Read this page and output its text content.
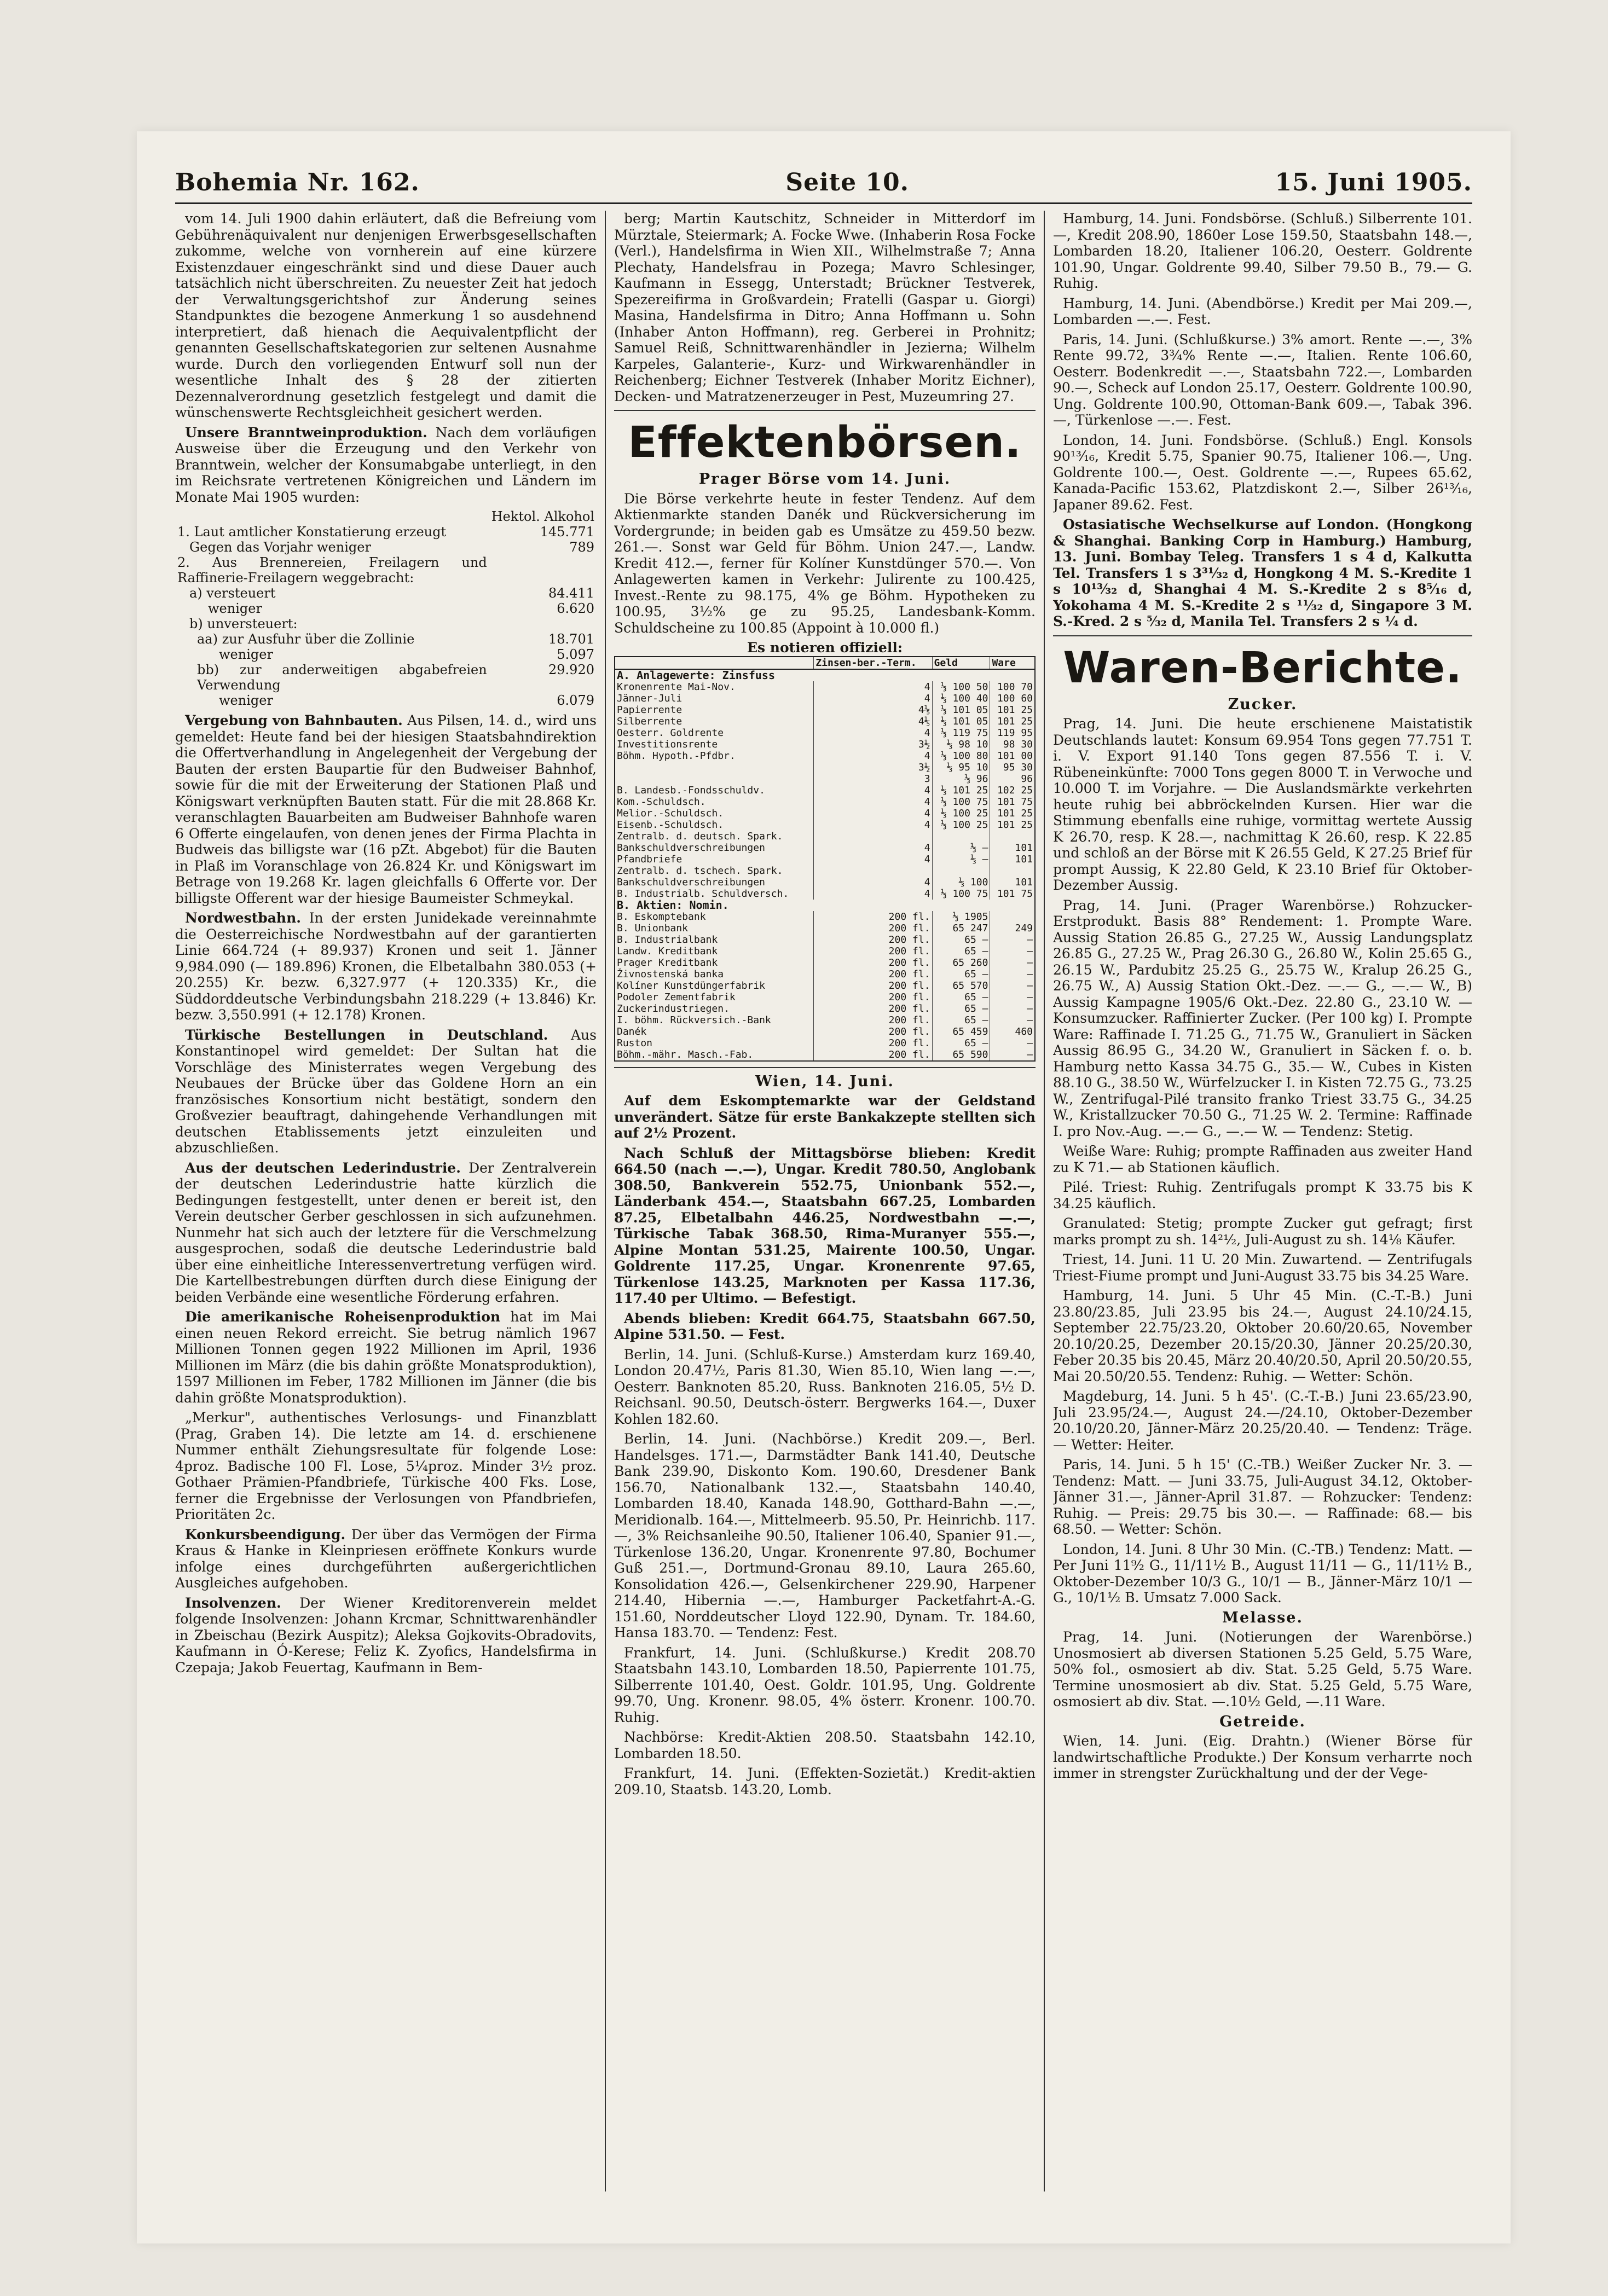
Bohemia Nr. 162.	Seite 10.	15. Juni 1905.

vom 14. Juli 1900 dahin erläutert, daß die Befreiung vom Gebührenäquivalent nur denjenigen Erwerbsgesellschaften zukomme, welche von vornherein auf eine kürzere Existenzdauer eingeschränkt sind und diese Dauer auch tatsächlich nicht überschreiten. Zu neuester Zeit hat jedoch der Verwaltungsgerichtshof zur Änderung seines Standpunktes die bezogene Anmerkung 1 so ausdehnend interpretiert, daß hienach die Aequivalentpflicht der genannten Gesellschaftskategorien zur seltenen Ausnahme wurde. Durch den vorliegenden Entwurf soll nun der wesentliche Inhalt des § 28 der zitierten Dezennalverordnung gesetzlich festgelegt und damit die wünschenswerte Rechtsgleichheit gesichert werden.

Unsere Branntweinproduktion. Nach dem vorläufigen Ausweise über die Erzeugung und den Verkehr von Branntwein, welcher der Konsumabgabe unterliegt, in den im Reichsrate vertretenen Königreichen und Ländern im Monate Mai 1905 wurden:

	Hektol. Alkohol
1. Laut amtlicher Konstatierung erzeugt	145.771
Gegen das Vorjahr weniger	789
2. Aus Brennereien, Freilagern und Raffinerie-Freilagern weggebracht:	
a) versteuert	84.411
weniger	6.620
b) unversteuert:	
aa) zur Ausfuhr über die Zollinie	18.701
weniger	5.097
bb) zur anderweitigen abgabefreien Verwendung	29.920
weniger	6.079

Vergebung von Bahnbauten. Aus Pilsen, 14. d., wird uns gemeldet: Heute fand bei der hiesigen Staatsbahndirektion die Offertverhandlung in Angelegenheit der Vergebung der Bauten der ersten Baupartie für den Budweiser Bahnhof, sowie für die mit der Erweiterung der Stationen Plaß und Königswart verknüpften Bauten statt. Für die mit 28.868 Kr. veranschlagten Bauarbeiten am Budweiser Bahnhofe waren 6 Offerte eingelaufen, von denen jenes der Firma Plachta in Budweis das billigste war (16 pZt. Abgebot) für die Bauten in Plaß im Voranschlage von 26.824 Kr. und Königswart im Betrage von 19.268 Kr. lagen gleichfalls 6 Offerte vor. Der billigste Offerent war der hiesige Baumeister Schmeykal.

Nordwestbahn. In der ersten Junidekade vereinnahmte die Oesterreichische Nordwestbahn auf der garantierten Linie 664.724 (+ 89.937) Kronen und seit 1. Jänner 9,984.090 (— 189.896) Kronen, die Elbetalbahn 380.053 (+ 20.255) Kr. bezw. 6,327.977 (+ 120.335) Kr., die Süddorddeutsche Verbindungsbahn 218.229 (+ 13.846) Kr. bezw. 3,550.991 (+ 12.178) Kronen.

Türkische Bestellungen in Deutschland. Aus Konstantinopel wird gemeldet: Der Sultan hat die Vorschläge des Ministerrates wegen Vergebung des Neubaues der Brücke über das Goldene Horn an ein französisches Konsortium nicht bestätigt, sondern den Großvezier beauftragt, dahingehende Verhandlungen mit deutschen Etablissements jetzt einzuleiten und abzuschließen.

Aus der deutschen Lederindustrie. Der Zentralverein der deutschen Lederindustrie hatte kürzlich die Bedingungen festgestellt, unter denen er bereit ist, den Verein deutscher Gerber geschlossen in sich aufzunehmen. Nunmehr hat sich auch der letztere für die Verschmelzung ausgesprochen, sodaß die deutsche Lederindustrie bald über eine einheitliche Interessenvertretung verfügen wird. Die Kartellbestrebungen dürften durch diese Einigung der beiden Verbände eine wesentliche Förderung erfahren.

Die amerikanische Roheisenproduktion hat im Mai einen neuen Rekord erreicht. Sie betrug nämlich 1967 Millionen Tonnen gegen 1922 Millionen im April, 1936 Millionen im März (die bis dahin größte Monatsproduktion), 1597 Millionen im Feber, 1782 Millionen im Jänner (die bis dahin größte Monatsproduktion).

„Merkur", authentisches Verlosungs- und Finanzblatt (Prag, Graben 14). Die letzte am 14. d. erschienene Nummer enthält Ziehungsresultate für folgende Lose: 4proz. Badische 100 Fl. Lose, 5¼proz. Minder 3½ proz. Gothaer Prämien-Pfandbriefe, Türkische 400 Fks. Lose, ferner die Ergebnisse der Verlosungen von Pfandbriefen, Prioritäten 2c.

Konkursbeendigung. Der über das Vermögen der Firma Kraus & Hanke in Kleinpriesen eröffnete Konkurs wurde infolge eines durchgeführten außergerichtlichen Ausgleiches aufgehoben.

Insolvenzen. Der Wiener Kreditorenverein meldet folgende Insolvenzen: Johann Krcmar, Schnittwarenhändler in Zbeischau (Bezirk Auspitz); Aleksa Gojkovits-Obradovits, Kaufmann in Ó-Kerese; Feliz K. Zyofics, Handelsfirma in Czepaja; Jakob Feuertag, Kaufmann in Bem-

berg; Martin Kautschitz, Schneider in Mitterdorf im Mürztale, Steiermark; A. Focke Wwe. (Inhaberin Rosa Focke (Verl.), Handelsfirma in Wien XII., Wilhelmstraße 7; Anna Plechaty, Handelsfrau in Pozega; Mavro Schlesinger, Kaufmann in Essegg, Unterstadt; Brückner Testverek, Spezereifirma in Großvardein; Fratelli (Gaspar u. Giorgi) Masina, Handelsfirma in Ditro; Anna Hoffmann u. Sohn (Inhaber Anton Hoffmann), reg. Gerberei in Prohnitz; Samuel Reiß, Schnittwarenhändler in Jezierna; Wilhelm Karpeles, Galanterie-, Kurz- und Wirkwarenhändler in Reichenberg; Eichner Testverek (Inhaber Moritz Eichner), Decken- und Matratzenerzeuger in Pest, Muzeumring 27.

Effektenbörsen.
Prager Börse vom 14. Juni.

Die Börse verkehrte heute in fester Tendenz. Auf dem Aktienmarkte standen Danék und Rückversicherung im Vordergrunde; in beiden gab es Umsätze zu 459.50 bezw. 261.—. Sonst war Geld für Böhm. Union 247.—, Landw. Kredit 412.—, ferner für Kolíner Kunstdünger 570.—. Von Anlagewerten kamen in Verkehr: Julirente zu 100.425, Invest.-Rente zu 98.175, 4% ge Böhm. Hypotheken zu 100.95, 3½% ge zu 95.25, Landesbank-Komm. Schuldscheine zu 100.85 (Appoint à 10.000 fl.)

Es notieren offiziell:
	Zinsen-ber.-Term.	Geld	Ware
A. Anlagewerte: Zinsfuss			
Kronenrente Mai-Nov.	4	⅓ 100 50	100 70
Jänner-Juli	4	⅓ 100 40	100 60
Papierrente	4⅕	⅓ 101 05	101 25
Silberrente	4⅕	⅓ 101 05	101 25
Oesterr. Goldrente	4	⅓ 119 75	119 95
Investitionsrente	3½	⅓ 98 10	98 30
Böhm. Hypoth.-Pfdbr.	4	⅓ 100 80	101 00
	3½	⅓ 95 10	95 30
	3	⅓ 96	96
B. Landesb.-Fondsschuldv.	4	⅓ 101 25	102 25
Kom.-Schuldsch.	4	⅓ 100 75	101 75
Melior.-Schuldsch.	4	⅓ 100 25	101 25
Eisenb.-Schuldsch.	4	⅓ 100 25	101 25
Zentralb. d. deutsch. Spark.			
Bankschuldverschreibungen	4	⅓ —	101
Pfandbriefe	4	⅓ —	101
Zentralb. d. tschech. Spark.			
Bankschuldverschreibungen	4	⅓ 100	101
B. Industrialb. Schuldversch.	4	⅓ 100 75	101 75
B. Aktien: Nomin.			
B. Eskomptebank	200 fl.	⅓ 1905	
B. Unionbank	200 fl.	65 247	249
B. Industrialbank	200 fl.	65 —	—
Landw. Kreditbank	200 fl.	65 —	—
Prager Kreditbank	200 fl.	65 260	—
Živnostenská banka	200 fl.	65 —	—
Kolíner Kunstdüngerfabrik	200 fl.	65 570	—
Podoler Zementfabrik	200 fl.	65 —	—
Zuckerindustriegen.	200 fl.	65 —	—
I. böhm. Rückversich.-Bank	200 fl.	65 —	—
Danék	200 fl.	65 459	460
Ruston	200 fl.	65 —	—
Böhm.-mähr. Masch.-Fab.	200 fl.	65 590	—
Wien, 14. Juni.

Auf dem Eskomptemarkte war der Geldstand unverändert. Sätze für erste Bankakzepte stellten sich auf 2½ Prozent.

Nach Schluß der Mittagsbörse blieben: Kredit 664.50 (nach —.—), Ungar. Kredit 780.50, Anglobank 308.50, Bankverein 552.75, Unionbank 552.—, Länderbank 454.—, Staatsbahn 667.25, Lombarden 87.25, Elbetalbahn 446.25, Nordwestbahn —.—, Türkische Tabak 368.50, Rima-Muranyer 555.—, Alpine Montan 531.25, Mairente 100.50, Ungar. Goldrente 117.25, Ungar. Kronenrente 97.65, Türkenlose 143.25, Marknoten per Kassa 117.36, 117.40 per Ultimo. — Befestigt.

Abends blieben: Kredit 664.75, Staatsbahn 667.50, Alpine 531.50. — Fest.

Berlin, 14. Juni. (Schluß-Kurse.) Amsterdam kurz 169.40, London 20.47½, Paris 81.30, Wien 85.10, Wien lang —.—, Oesterr. Banknoten 85.20, Russ. Banknoten 216.05, 5½ D. Reichsanl. 90.50, Deutsch-österr. Bergwerks 164.—, Duxer Kohlen 182.60.

Berlin, 14. Juni. (Nachbörse.) Kredit 209.—, Berl. Handelsges. 171.—, Darmstädter Bank 141.40, Deutsche Bank 239.90, Diskonto Kom. 190.60, Dresdener Bank 156.70, Nationalbank 132.—, Staatsbahn 140.40, Lombarden 18.40, Kanada 148.90, Gotthard-Bahn —.—, Meridionalb. 164.—, Mittelmeerb. 95.50, Pr. Heinrichb. 117.—, 3% Reichsanleihe 90.50, Italiener 106.40, Spanier 91.—, Türkenlose 136.20, Ungar. Kronenrente 97.80, Bochumer Guß 251.—, Dortmund-Gronau 89.10, Laura 265.60, Konsolidation 426.—, Gelsenkirchener 229.90, Harpener 214.40, Hibernia —.—, Hamburger Packetfahrt-A.-G. 151.60, Norddeutscher Lloyd 122.90, Dynam. Tr. 184.60, Hansa 183.70. — Tendenz: Fest.

Frankfurt, 14. Juni. (Schlußkurse.) Kredit 208.70 Staatsbahn 143.10, Lombarden 18.50, Papierrente 101.75, Silberrente 101.40, Oest. Goldr. 101.95, Ung. Goldrente 99.70, Ung. Kronenr. 98.05, 4% österr. Kronenr. 100.70. Ruhig.

Nachbörse: Kredit-Aktien 208.50. Staatsbahn 142.10, Lombarden 18.50.

Frankfurt, 14. Juni. (Effekten-Sozietät.) Kredit-aktien 209.10, Staatsb. 143.20, Lomb.

Hamburg, 14. Juni. Fondsbörse. (Schluß.) Silberrente 101.—, Kredit 208.90, 1860er Lose 159.50, Staatsbahn 148.—, Lombarden 18.20, Italiener 106.20, Oesterr. Goldrente 101.90, Ungar. Goldrente 99.40, Silber 79.50 B., 79.— G. Ruhig.

Hamburg, 14. Juni. (Abendbörse.) Kredit per Mai 209.—, Lombarden —.—. Fest.

Paris, 14. Juni. (Schlußkurse.) 3% amort. Rente —.—, 3% Rente 99.72, 3¾% Rente —.—, Italien. Rente 106.60, Oesterr. Bodenkredit —.—, Staatsbahn 722.—, Lombarden 90.—, Scheck auf London 25.17, Oesterr. Goldrente 100.90, Ung. Goldrente 100.90, Ottoman-Bank 609.—, Tabak 396.—, Türkenlose —.—. Fest.

London, 14. Juni. Fondsbörse. (Schluß.) Engl. Konsols 90¹³⁄₁₆, Kredit 5.75, Spanier 90.75, Italiener 106.—, Ung. Goldrente 100.—, Oest. Goldrente —.—, Rupees 65.62, Kanada-Pacific 153.62, Platzdiskont 2.—, Silber 26¹³⁄₁₆, Japaner 89.62. Fest.

Ostasiatische Wechselkurse auf London. (Hongkong & Shanghai. Banking Corp in Hamburg.) Hamburg, 13. Juni. Bombay Teleg. Transfers 1 s 4 d, Kalkutta Tel. Transfers 1 s 3³¹⁄₃₂ d, Hongkong 4 M. S.-Kredite 1 s 10¹³⁄₃₂ d, Shanghai 4 M. S.-Kredite 2 s 8⁵⁄₁₆ d, Yokohama 4 M. S.-Kredite 2 s ¹¹⁄₃₂ d, Singapore 3 M. S.-Kred. 2 s ⁵⁄₃₂ d, Manila Tel. Transfers 2 s ¼ d.

Waren-Berichte.
Zucker.

Prag, 14. Juni. Die heute erschienene Maistatistik Deutschlands lautet: Konsum 69.954 Tons gegen 77.751 T. i. V. Export 91.140 Tons gegen 87.556 T. i. V. Rübeneinkünfte: 7000 Tons gegen 8000 T. in Verwoche und 10.000 T. im Vorjahre. — Die Auslandsmärkte verkehrten heute ruhig bei abbröckelnden Kursen. Hier war die Stimmung ebenfalls eine ruhige, vormittag wertete Aussig K 26.70, resp. K 28.—, nachmittag K 26.60, resp. K 22.85 und schloß an der Börse mit K 26.55 Geld, K 27.25 Brief für prompt Aussig, K 22.80 Geld, K 23.10 Brief für Oktober-Dezember Aussig.

Prag, 14. Juni. (Prager Warenbörse.) Rohzucker-Erstprodukt. Basis 88° Rendement: 1. Prompte Ware. Aussig Station 26.85 G., 27.25 W., Aussig Landungsplatz 26.85 G., 27.25 W., Prag 26.30 G., 26.80 W., Kolin 25.65 G., 26.15 W., Pardubitz 25.25 G., 25.75 W., Kralup 26.25 G., 26.75 W., A) Aussig Station Okt.-Dez. —.— G., —.— W., B) Aussig Kampagne 1905/6 Okt.-Dez. 22.80 G., 23.10 W. — Konsumzucker. Raffinierter Zucker. (Per 100 kg) I. Prompte Ware: Raffinade I. 71.25 G., 71.75 W., Granuliert in Säcken Aussig 86.95 G., 34.20 W., Granuliert in Säcken f. o. b. Hamburg netto Kassa 34.75 G., 35.— W., Cubes in Kisten 88.10 G., 38.50 W., Würfelzucker I. in Kisten 72.75 G., 73.25 W., Zentrifugal-Pilé transito franko Triest 33.75 G., 34.25 W., Kristallzucker 70.50 G., 71.25 W. 2. Termine: Raffinade I. pro Nov.-Aug. —.— G., —.— W. — Tendenz: Stetig.

Weiße Ware: Ruhig; prompte Raffinaden aus zweiter Hand zu K 71.— ab Stationen käuflich.

Pilé. Triest: Ruhig. Zentrifugals prompt K 33.75 bis K 34.25 käuflich.

Granulated: Stetig; prompte Zucker gut gefragt; first marks prompt zu sh. 14²¹⁄₂, Juli-August zu sh. 14⅛ Käufer.

Triest, 14. Juni. 11 U. 20 Min. Zuwartend. — Zentrifugals Triest-Fiume prompt und Juni-August 33.75 bis 34.25 Ware.

Hamburg, 14. Juni. 5 Uhr 45 Min. (C.-T.-B.) Juni 23.80/23.85, Juli 23.95 bis 24.—, August 24.10/24.15, September 22.75/23.20, Oktober 20.60/20.65, November 20.10/20.25, Dezember 20.15/20.30, Jänner 20.25/20.30, Feber 20.35 bis 20.45, März 20.40/20.50, April 20.50/20.55, Mai 20.50/20.55. Tendenz: Ruhig. — Wetter: Schön.

Magdeburg, 14. Juni. 5 h 45'. (C.-T.-B.) Juni 23.65/23.90, Juli 23.95/24.—, August 24.—/24.10, Oktober-Dezember 20.10/20.20, Jänner-März 20.25/20.40. — Tendenz: Träge. — Wetter: Heiter.

Paris, 14. Juni. 5 h 15' (C.-TB.) Weißer Zucker Nr. 3. — Tendenz: Matt. — Juni 33.75, Juli-August 34.12, Oktober-Jänner 31.—, Jänner-April 31.87. — Rohzucker: Tendenz: Ruhig. — Preis: 29.75 bis 30.—. — Raffinade: 68.— bis 68.50. — Wetter: Schön.

London, 14. Juni. 8 Uhr 30 Min. (C.-TB.) Tendenz: Matt. — Per Juni 11⁹⁄₂ G., 11/11½ B., August 11/11 — G., 11/11½ B., Oktober-Dezember 10/3 G., 10/1 — B., Jänner-März 10/1 — G., 10/1½ B. Umsatz 7.000 Sack.

Melasse.

Prag, 14. Juni. (Notierungen der Warenbörse.) Unosmosiert ab diversen Stationen 5.25 Geld, 5.75 Ware, 50% fol., osmosiert ab div. Stat. 5.25 Geld, 5.75 Ware. Termine unosmosiert ab div. Stat. 5.25 Geld, 5.75 Ware, osmosiert ab div. Stat. —.10½ Geld, —.11 Ware.

Getreide.

Wien, 14. Juni. (Eig. Drahtn.) (Wiener Börse für landwirtschaftliche Produkte.) Der Konsum verharrte noch immer in strengster Zurückhaltung und der der Vege-
